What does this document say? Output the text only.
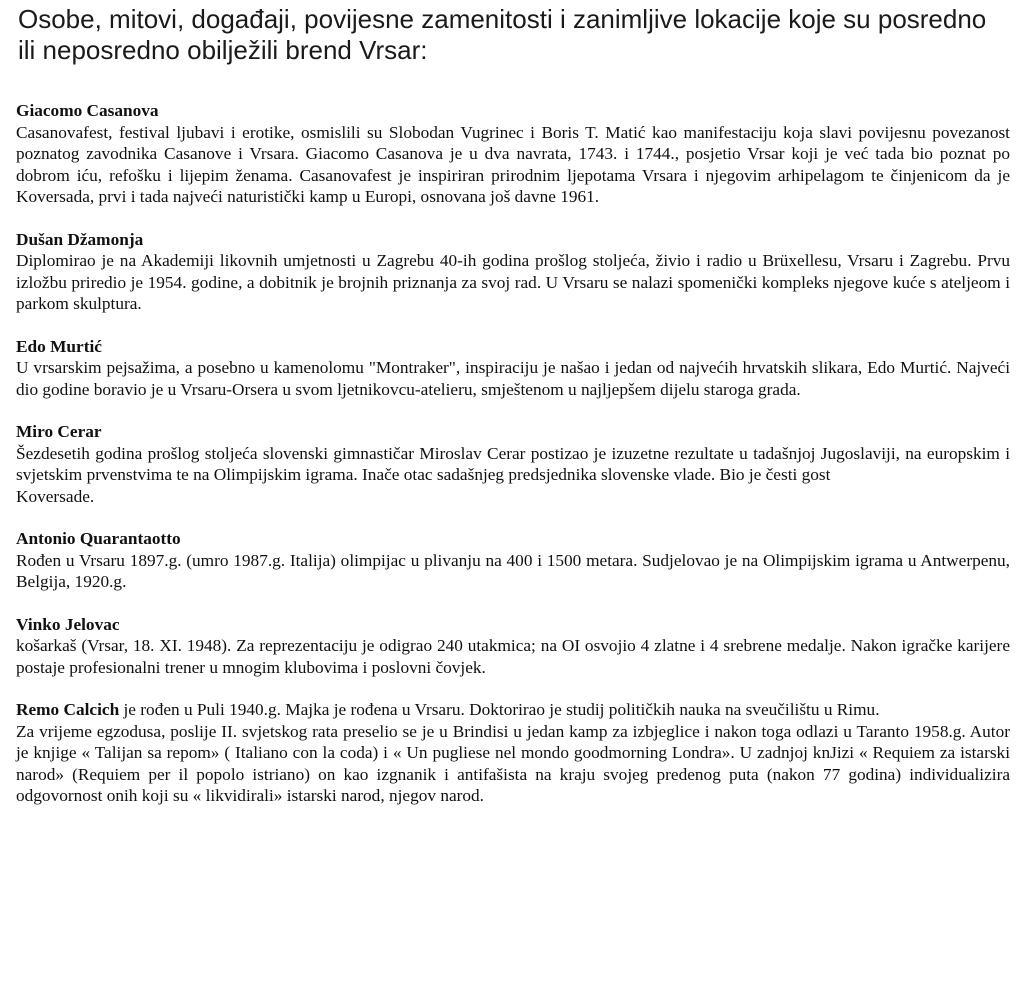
Osobe, mitovi, događaji, povijesne zamenitosti i zanimljive lokacije koje su posredno ili neposredno obilježili brend Vrsar:
Giacomo Casanova
Casanovafest, festival ljubavi i erotike, osmislili su Slobodan Vugrinec i Boris T. Matić kao manifestaciju koja slavi povijesnu povezanost poznatog zavodnika Casanove i Vrsara. Giacomo Casanova je u dva navrata, 1743. i 1744., posjetio Vrsar koji je već tada bio poznat po dobrom iću, refošku i lijepim ženama. Casanovafest je inspiriran prirodnim ljepotama Vrsara i njegovim arhipelagom te činjenicom da je Koversada, prvi i tada najveći naturistički kamp u Europi, osnovana još davne 1961.
Dušan Džamonja
Diplomirao je na Akademiji likovnih umjetnosti u Zagrebu 40-ih godina prošlog stoljeća, živio i radio u Brüxellesu, Vrsaru i Zagrebu. Prvu izložbu priredio je 1954. godine, a dobitnik je brojnih priznanja za svoj rad. U Vrsaru se nalazi spomenički kompleks njegove kuće s ateljeom i parkom skulptura.
Edo Murtić
U vrsarskim pejsažima, a posebno u kamenolomu "Montraker", inspiraciju je našao i jedan od najvećih hrvatskih slikara, Edo Murtić. Najveći dio godine boravio je u Vrsaru-Orsera u svom ljetnikovcu-atelieru, smještenom u najljepšem dijelu staroga grada.
Miro Cerar
Šezdesetih godina prošlog stoljeća slovenski gimnastičar Miroslav Cerar postizao je izuzetne rezultate u tadašnjoj Jugoslaviji, na europskim i svjetskim prvenstvima te na Olimpijskim igrama. Inače otac sadašnjeg predsjednika slovenske vlade. Bio je česti gost
Koversade.
Antonio Quarantaotto
Rođen u Vrsaru 1897.g. (umro 1987.g. Italija) olimpijac u plivanju na 400 i 1500 metara. Sudjelovao je na Olimpijskim igrama u Antwerpenu, Belgija, 1920.g.
Vinko Jelovac
košarkaš (Vrsar, 18. XI. 1948). Za reprezentaciju je odigrao 240 utakmica; na OI osvojio 4 zlatne i 4 srebrene medalje. Nakon igračke karijere postaje profesionalni trener u mnogim klubovima i poslovni čovjek.
Remo Calcich je rođen u Puli 1940.g. Majka je rođena u Vrsaru. Doktorirao je studij političkih nauka na sveučilištu u Rimu.
Za vrijeme egzodusa, poslije II. svjetskog rata preselio se je u Brindisi u jedan kamp za izbjeglice i nakon toga odlazi u Taranto 1958.g. Autor je knjige « Talijan sa repom» ( Italiano con la coda) i « Un pugliese nel mondo goodmorning Londra». U zadnjoj knJizi « Requiem za istarski narod» (Requiem per il popolo istriano) on kao izgnanik i antifašista na kraju svojeg predenog puta (nakon 77 godina) individualizira odgovornost onih koji su « likvidirali» istarski narod, njegov narod.
